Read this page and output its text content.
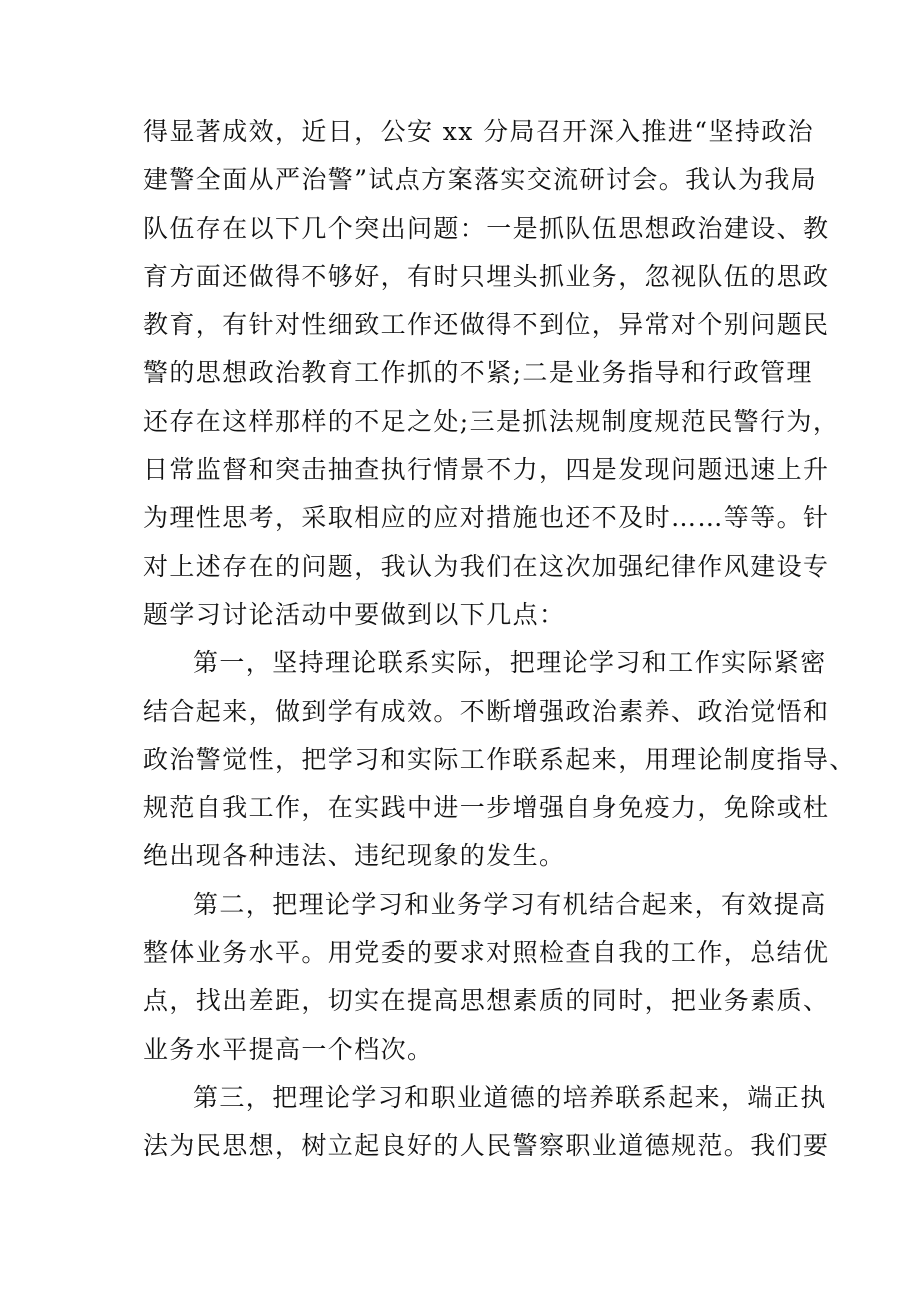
得显著成效，近日，公安 xx 分局召开深入推进“坚持政治
建警全面从严治警”试点方案落实交流研讨会。我认为我局
队伍存在以下几个突出问题：一是抓队伍思想政治建设、教
育方面还做得不够好，有时只埋头抓业务，忽视队伍的思政
教育，有针对性细致工作还做得不到位，异常对个别问题民
警的思想政治教育工作抓的不紧;二是业务指导和行政管理
还存在这样那样的不足之处;三是抓法规制度规范民警行为，
日常监督和突击抽查执行情景不力，四是发现问题迅速上升
为理性思考，采取相应的应对措施也还不及时……等等。针
对上述存在的问题，我认为我们在这次加强纪律作风建设专
题学习讨论活动中要做到以下几点：
第一，坚持理论联系实际，把理论学习和工作实际紧密
结合起来，做到学有成效。不断增强政治素养、政治觉悟和
政治警觉性，把学习和实际工作联系起来，用理论制度指导、
规范自我工作，在实践中进一步增强自身免疫力，免除或杜
绝出现各种违法、违纪现象的发生。
第二，把理论学习和业务学习有机结合起来，有效提高
整体业务水平。用党委的要求对照检查自我的工作，总结优
点，找出差距，切实在提高思想素质的同时，把业务素质、
业务水平提高一个档次。
第三，把理论学习和职业道德的培养联系起来，端正执
法为民思想，树立起良好的人民警察职业道德规范。我们要
